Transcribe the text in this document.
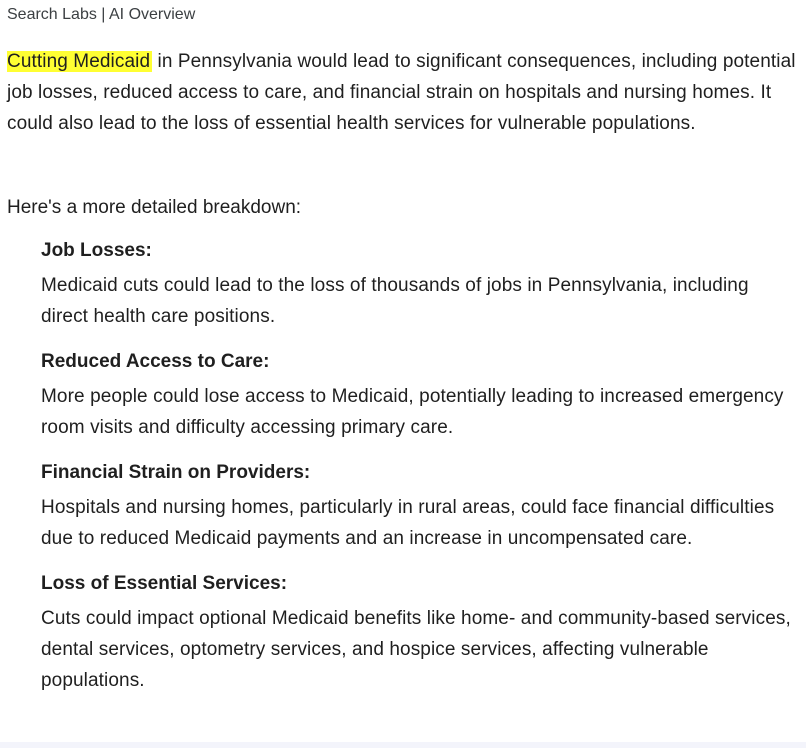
Search Labs | AI Overview
Cutting Medicaid in Pennsylvania would lead to significant consequences, including potential job losses, reduced access to care, and financial strain on hospitals and nursing homes. It could also lead to the loss of essential health services for vulnerable populations.
Here's a more detailed breakdown:
Job Losses:
Medicaid cuts could lead to the loss of thousands of jobs in Pennsylvania, including direct health care positions.
Reduced Access to Care:
More people could lose access to Medicaid, potentially leading to increased emergency room visits and difficulty accessing primary care.
Financial Strain on Providers:
Hospitals and nursing homes, particularly in rural areas, could face financial difficulties due to reduced Medicaid payments and an increase in uncompensated care.
Loss of Essential Services:
Cuts could impact optional Medicaid benefits like home- and community-based services, dental services, optometry services, and hospice services, affecting vulnerable populations.
